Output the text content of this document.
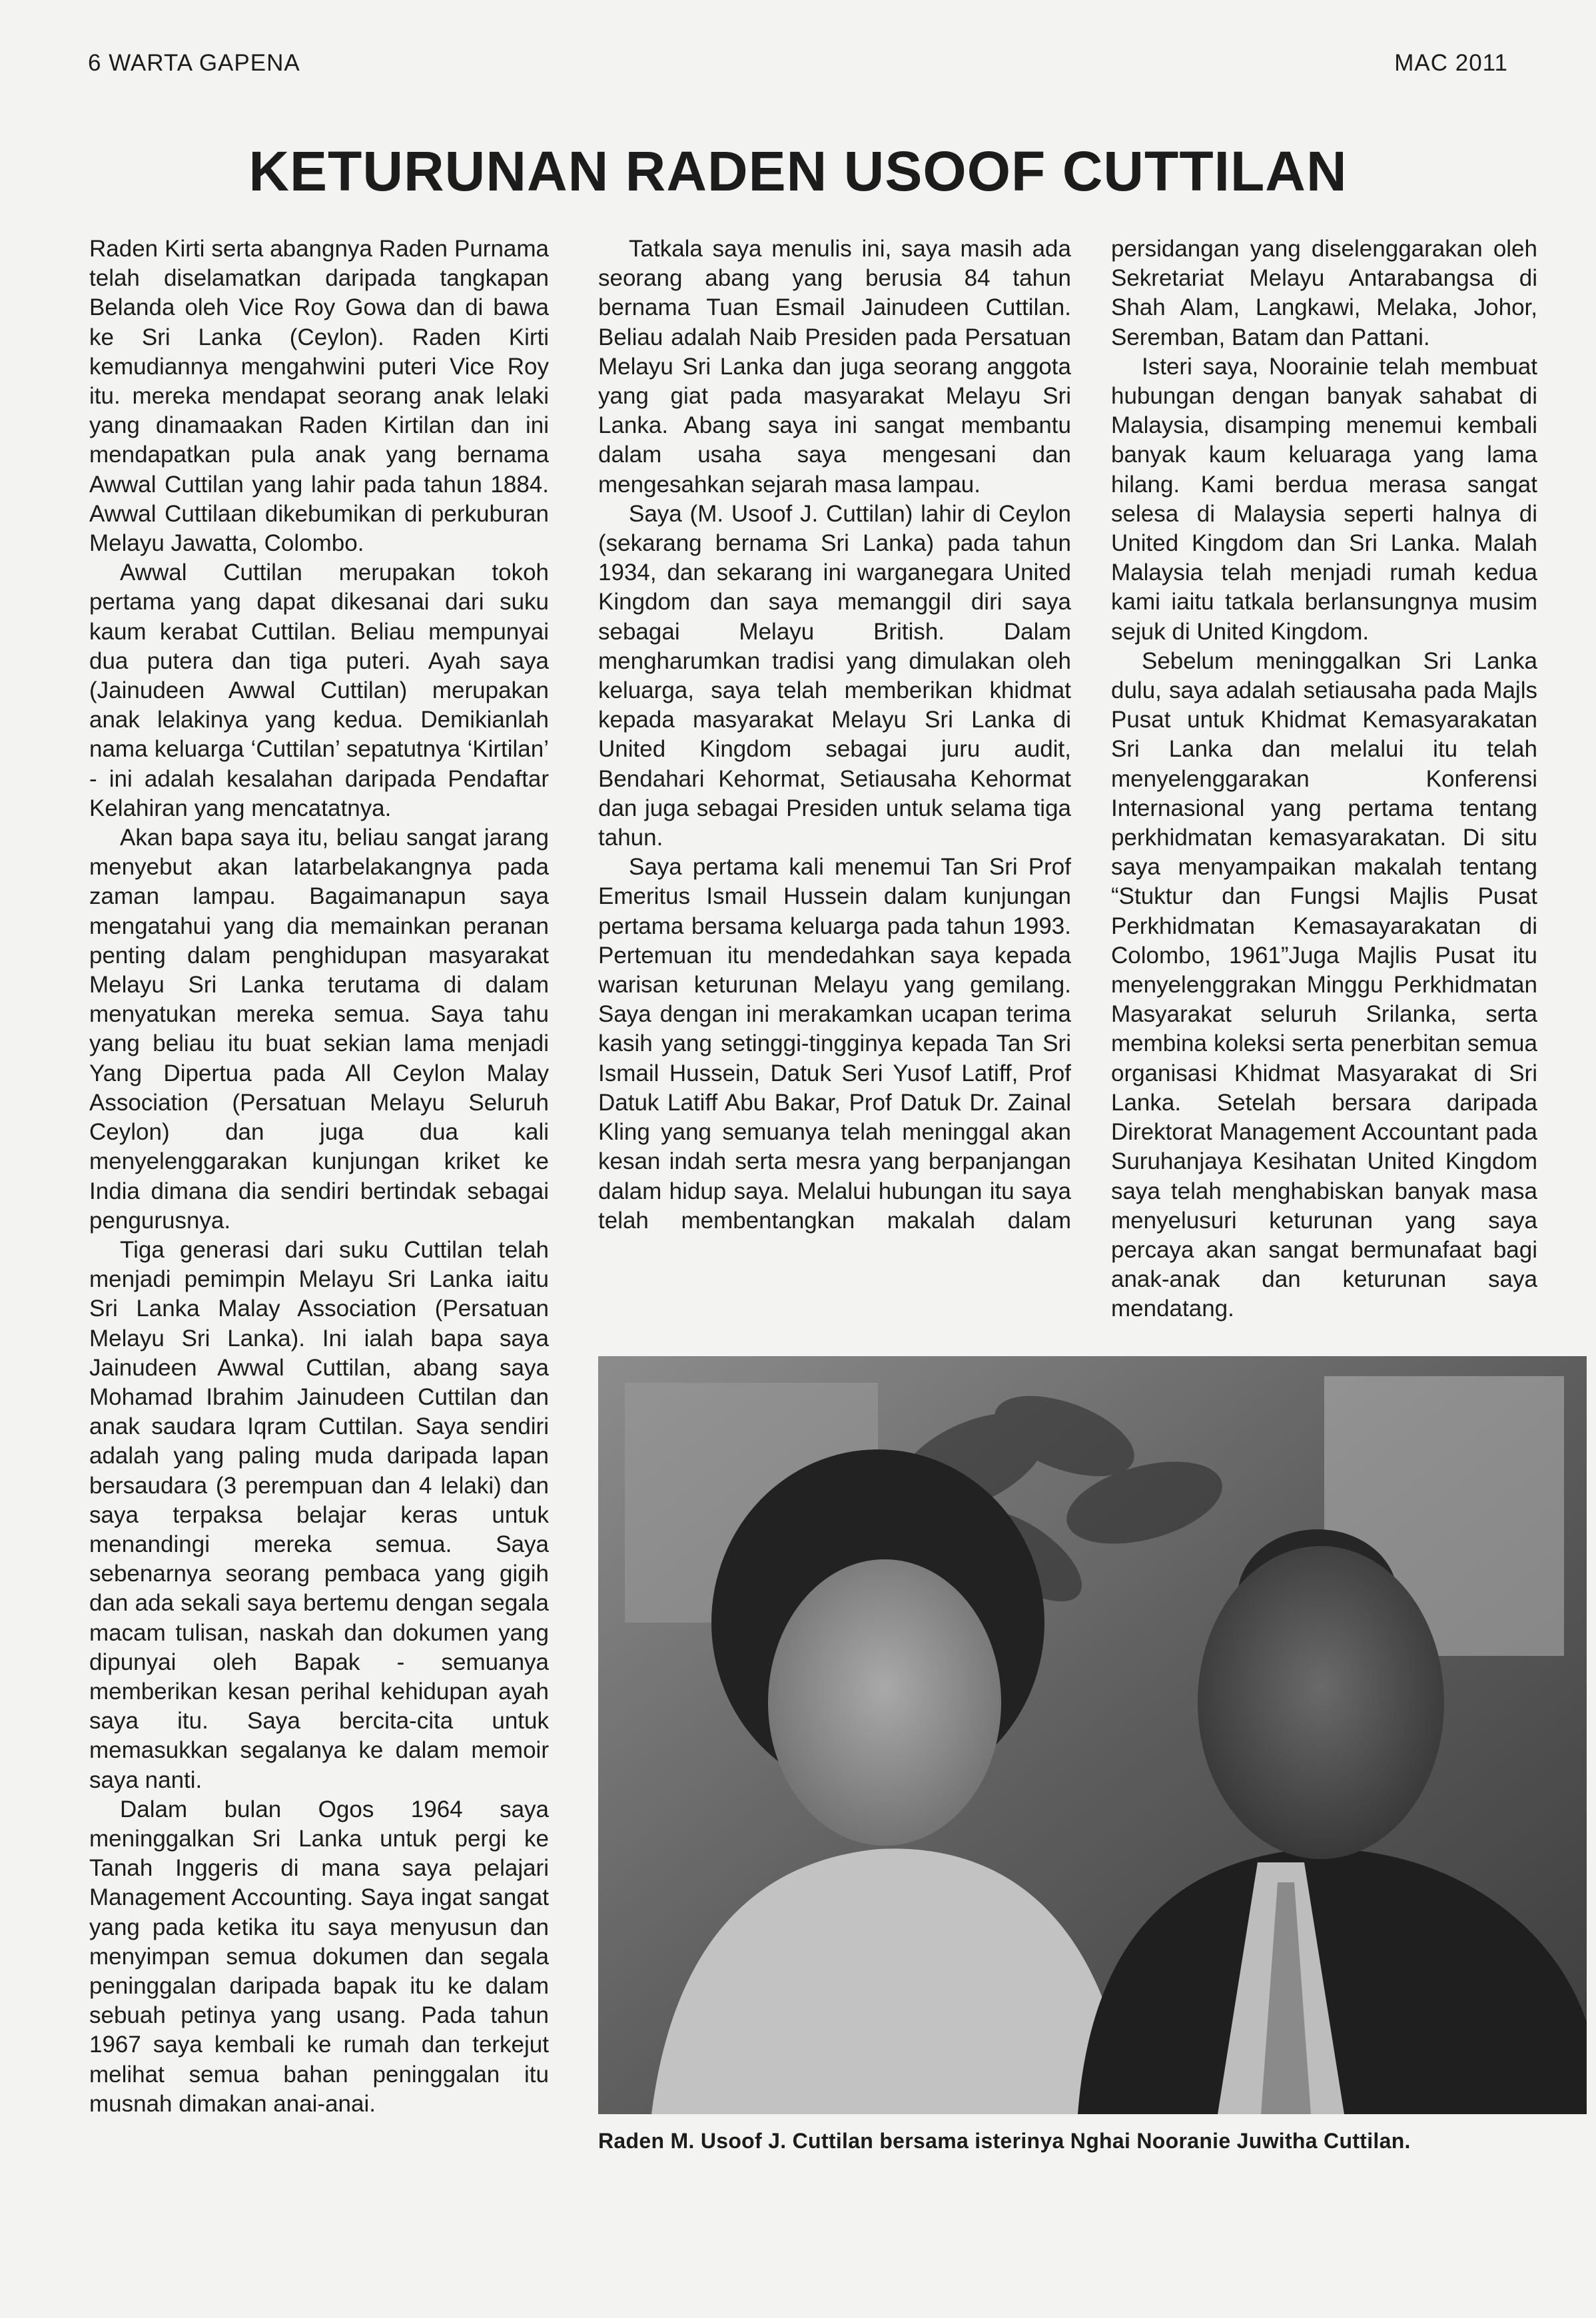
6 WARTA GAPENA	MAC 2011
KETURUNAN RADEN USOOF CUTTILAN

Raden Kirti serta abangnya Raden Purnama telah diselamatkan daripada tangkapan Belanda oleh Vice Roy Gowa dan di bawa ke Sri Lanka (Ceylon). Raden Kirti kemudiannya mengahwini puteri Vice Roy itu. mereka mendapat seorang anak lelaki yang dinamaakan Raden Kirtilan dan ini mendapatkan pula anak yang bernama Awwal Cuttilan yang lahir pada tahun 1884. Awwal Cuttilaan dikebumikan di perkuburan Melayu Jawatta, Colombo.

Awwal Cuttilan merupakan tokoh pertama yang dapat dikesanai dari suku kaum kerabat Cuttilan. Beliau mempunyai dua putera dan tiga puteri. Ayah saya (Jainudeen Awwal Cuttilan) merupakan anak lelakinya yang kedua. Demikianlah nama keluarga ‘Cuttilan’ sepatutnya ‘Kirtilan’ - ini adalah kesalahan daripada Pendaftar Kelahiran yang mencatatnya.

Akan bapa saya itu, beliau sangat jarang menyebut akan latarbelakangnya pada zaman lampau. Bagaimanapun saya mengatahui yang dia memainkan peranan penting dalam penghidupan masyarakat Melayu Sri Lanka terutama di dalam menyatukan mereka semua. Saya tahu yang beliau itu buat sekian lama menjadi Yang Dipertua pada All Ceylon Malay Association (Persatuan Melayu Seluruh Ceylon) dan juga dua kali menyelenggarakan kunjungan kriket ke India dimana dia sendiri bertindak sebagai pengurusnya.

Tiga generasi dari suku Cuttilan telah menjadi pemimpin Melayu Sri Lanka iaitu Sri Lanka Malay Association (Persatuan Melayu Sri Lanka). Ini ialah bapa saya Jainudeen Awwal Cuttilan, abang saya Mohamad Ibrahim Jainudeen Cuttilan dan anak saudara Iqram Cuttilan. Saya sendiri adalah yang paling muda daripada lapan bersaudara (3 perempuan dan 4 lelaki) dan saya terpaksa belajar keras untuk menandingi mereka semua. Saya sebenarnya seorang pembaca yang gigih dan ada sekali saya bertemu dengan segala macam tulisan, naskah dan dokumen yang dipunyai oleh Bapak - semuanya memberikan kesan perihal kehidupan ayah saya itu. Saya bercita-cita untuk memasukkan segalanya ke dalam memoir saya nanti.

Dalam bulan Ogos 1964 saya meninggalkan Sri Lanka untuk pergi ke Tanah Inggeris di mana saya pelajari Management Accounting. Saya ingat sangat yang pada ketika itu saya menyusun dan menyimpan semua dokumen dan segala peninggalan daripada bapak itu ke dalam sebuah petinya yang usang. Pada tahun 1967 saya kembali ke rumah dan terkejut melihat semua bahan peninggalan itu musnah dimakan anai-anai.

Tatkala saya menulis ini, saya masih ada seorang abang yang berusia 84 tahun bernama Tuan Esmail Jainudeen Cuttilan. Beliau adalah Naib Presiden pada Persatuan Melayu Sri Lanka dan juga seorang anggota yang giat pada masyarakat Melayu Sri Lanka. Abang saya ini sangat membantu dalam usaha saya mengesani dan mengesahkan sejarah masa lampau.

Saya (M. Usoof J. Cuttilan) lahir di Ceylon (sekarang bernama Sri Lanka) pada tahun 1934, dan sekarang ini warganegara United Kingdom dan saya memanggil diri saya sebagai Melayu British. Dalam mengharumkan tradisi yang dimulakan oleh keluarga, saya telah memberikan khidmat kepada masyarakat Melayu Sri Lanka di United Kingdom sebagai juru audit, Bendahari Kehormat, Setiausaha Kehormat dan juga sebagai Presiden untuk selama tiga tahun.

Saya pertama kali menemui Tan Sri Prof Emeritus Ismail Hussein dalam kunjungan pertama bersama keluarga pada tahun 1993. Pertemuan itu mendedahkan saya kepada warisan keturunan Melayu yang gemilang. Saya dengan ini merakamkan ucapan terima kasih yang setinggi-tingginya kepada Tan Sri Ismail Hussein, Datuk Seri Yusof Latiff, Prof Datuk Latiff Abu Bakar, Prof Datuk Dr. Zainal Kling yang semuanya telah meninggal akan kesan indah serta mesra yang berpanjangan dalam hidup saya. Melalui hubungan itu saya telah membentangkan makalah dalam

persidangan yang diselenggarakan oleh Sekretariat Melayu Antarabangsa di Shah Alam, Langkawi, Melaka, Johor, Seremban, Batam dan Pattani.

Isteri saya, Noorainie telah membuat hubungan dengan banyak sahabat di Malaysia, disamping menemui kembali banyak kaum keluaraga yang lama hilang. Kami berdua merasa sangat selesa di Malaysia seperti halnya di United Kingdom dan Sri Lanka. Malah Malaysia telah menjadi rumah kedua kami iaitu tatkala berlansungnya musim sejuk di United Kingdom.

Sebelum meninggalkan Sri Lanka dulu, saya adalah setiausaha pada Majls Pusat untuk Khidmat Kemasyarakatan Sri Lanka dan melalui itu telah menyelenggarakan Konferensi Internasional yang pertama tentang perkhidmatan kemasyarakatan. Di situ saya menyampaikan makalah tentang “Stuktur dan Fungsi Majlis Pusat Perkhidmatan Kemasayarakatan di Colombo, 1961”Juga Majlis Pusat itu menyelenggrakan Minggu Perkhidmatan Masyarakat seluruh Srilanka, serta membina koleksi serta penerbitan semua organisasi Khidmat Masyarakat di Sri Lanka. Setelah bersara daripada Direktorat Management Accountant pada Suruhanjaya Kesihatan United Kingdom saya telah menghabiskan banyak masa menyelusuri keturunan yang saya percaya akan sangat bermunafaat bagi anak-anak dan keturunan saya mendatang.

Raden M. Usoof J. Cuttilan bersama isterinya Nghai Nooranie Juwitha Cuttilan.
